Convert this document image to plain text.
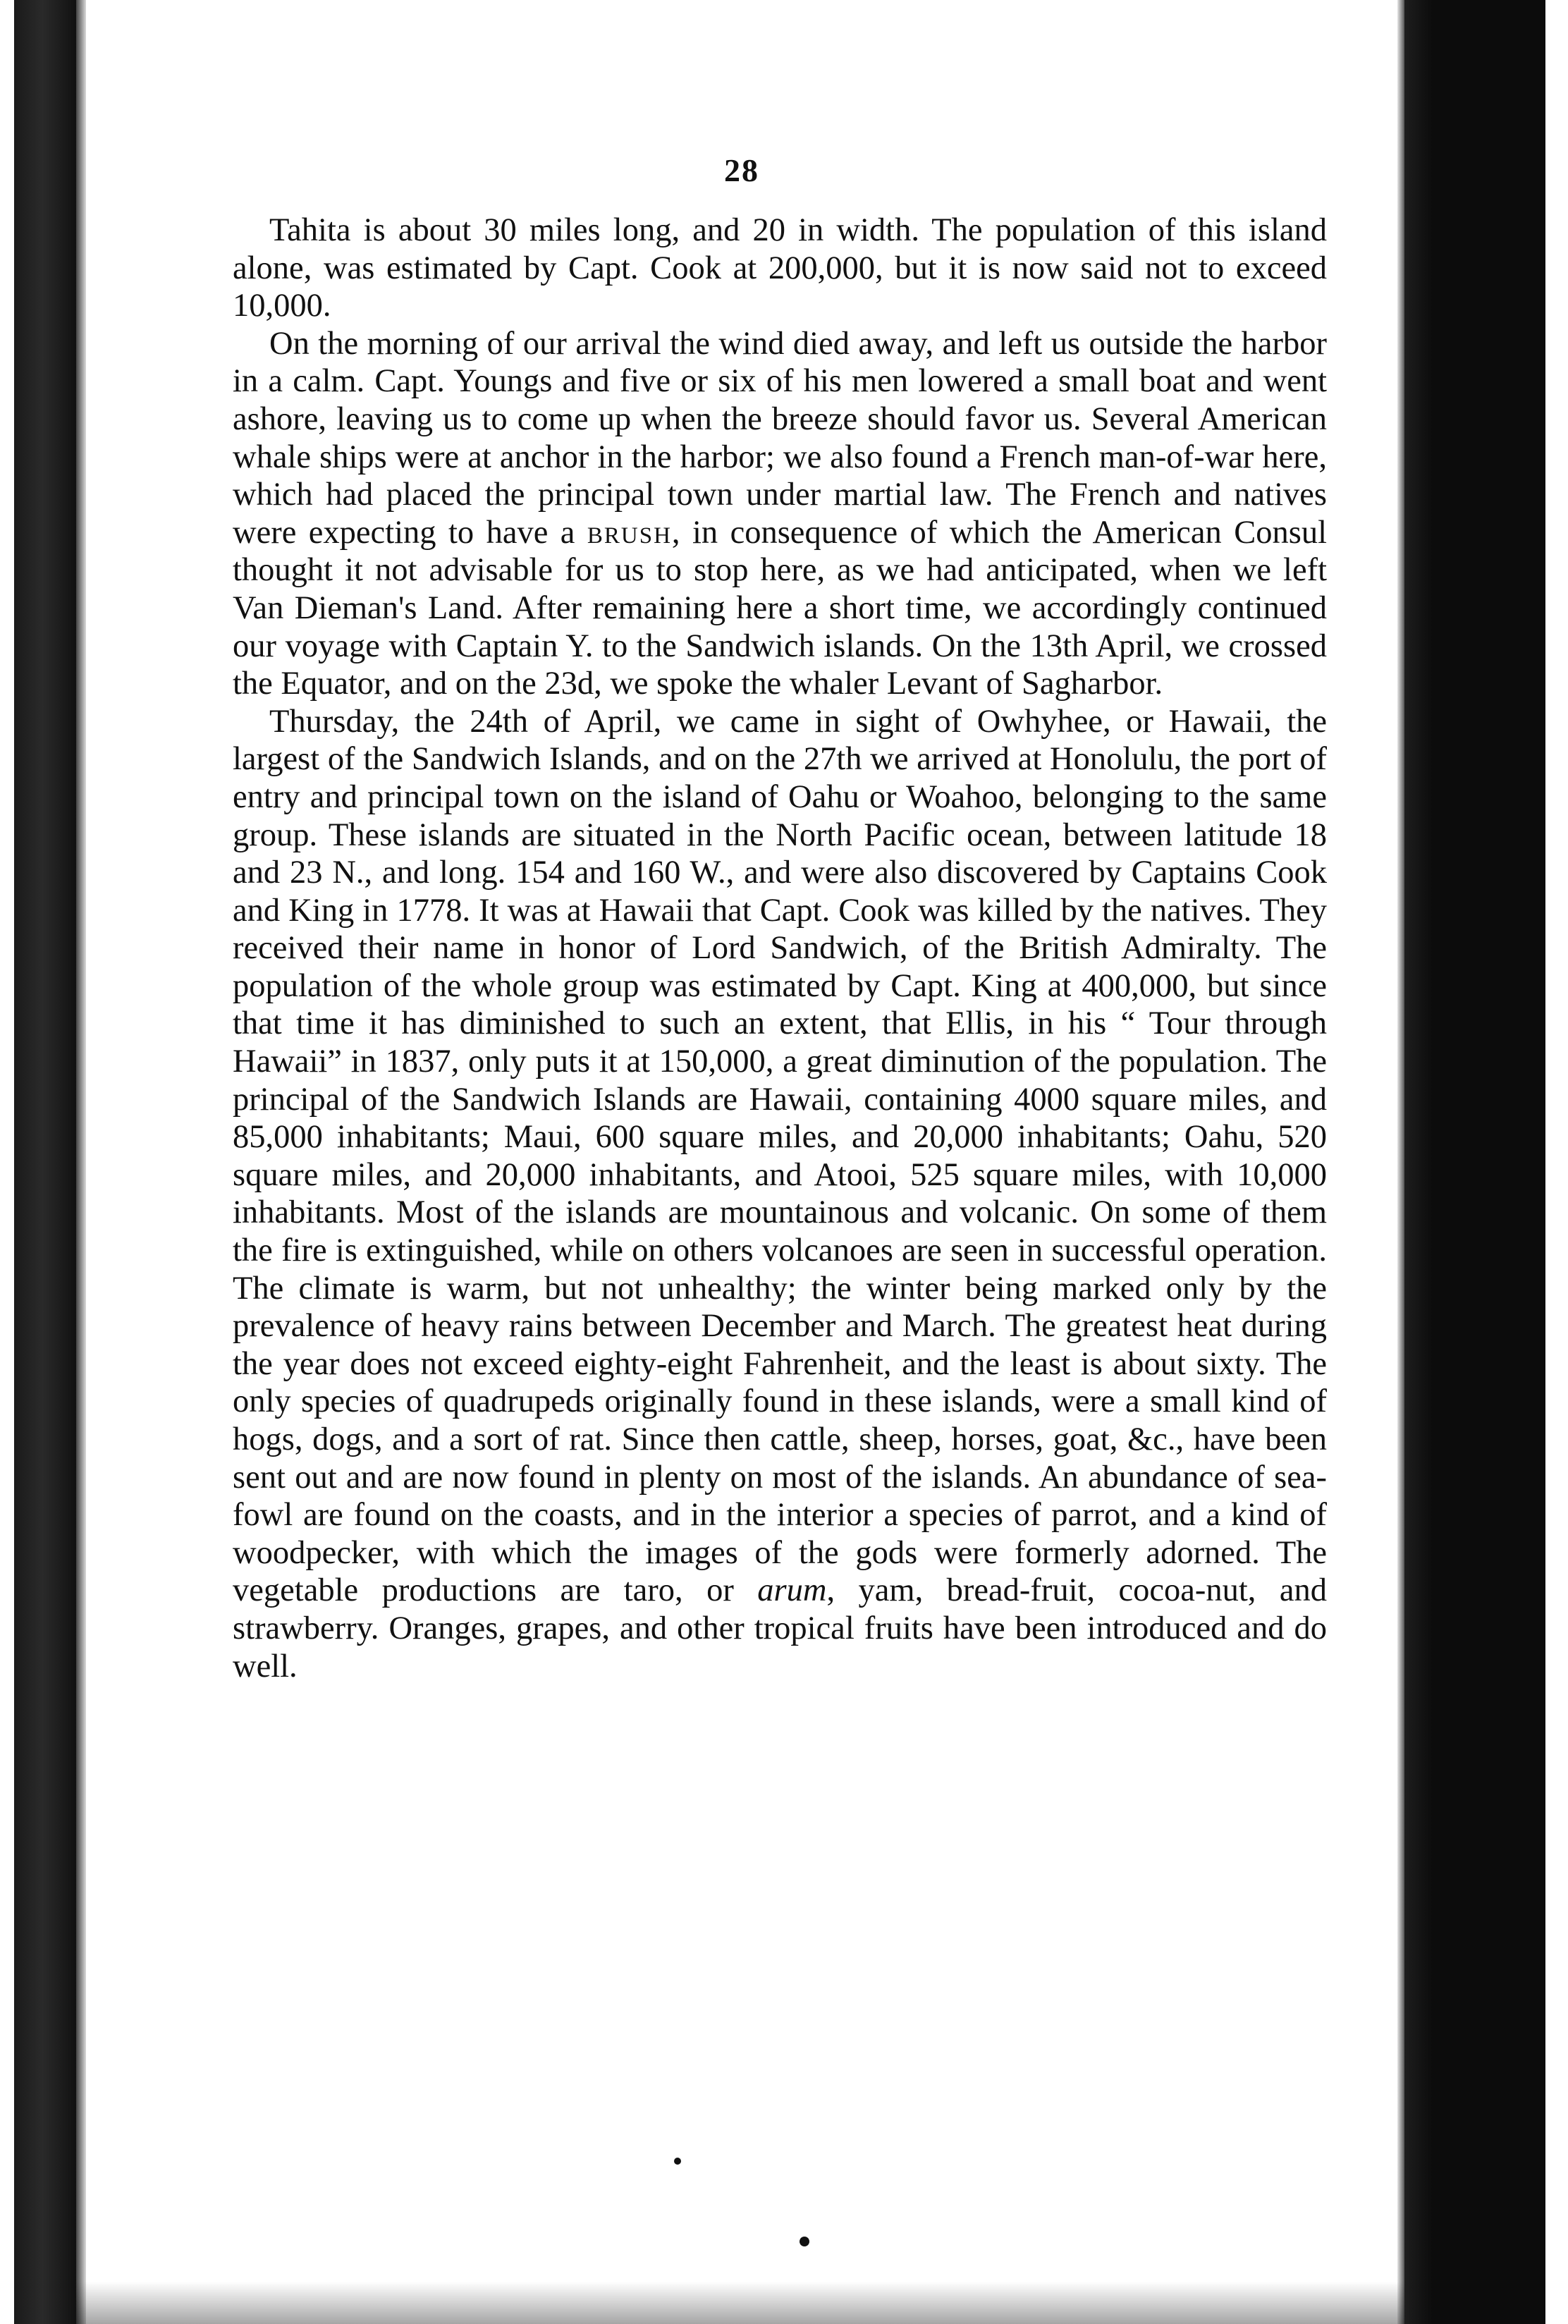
28

Tahita is about 30 miles long, and 20 in width. The population of this island alone, was estimated by Capt. Cook at 200,000, but it is now said not to exceed 10,000.

On the morning of our arrival the wind died away, and left us outside the harbor in a calm. Capt. Youngs and five or six of his men lowered a small boat and went ashore, leaving us to come up when the breeze should favor us. Several American whale ships were at anchor in the harbor; we also found a French man-of-war here, which had placed the principal town under martial law. The French and natives were expecting to have a brush, in consequence of which the American Consul thought it not advisable for us to stop here, as we had anticipated, when we left Van Dieman's Land. After remaining here a short time, we accordingly continued our voyage with Captain Y. to the Sandwich islands. On the 13th April, we crossed the Equator, and on the 23d, we spoke the whaler Levant of Sagharbor.

Thursday, the 24th of April, we came in sight of Owhyhee, or Hawaii, the largest of the Sandwich Islands, and on the 27th we arrived at Honolulu, the port of entry and principal town on the island of Oahu or Woahoo, belonging to the same group. These islands are situated in the North Pacific ocean, between latitude 18 and 23 N., and long. 154 and 160 W., and were also discovered by Captains Cook and King in 1778. It was at Hawaii that Capt. Cook was killed by the natives. They received their name in honor of Lord Sandwich, of the British Admiralty. The population of the whole group was estimated by Capt. King at 400,000, but since that time it has diminished to such an extent, that Ellis, in his “ Tour through Hawaii” in 1837, only puts it at 150,000, a great diminution of the population. The principal of the Sandwich Islands are Hawaii, containing 4000 square miles, and 85,000 inhabitants; Maui, 600 square miles, and 20,000 inhabitants; Oahu, 520 square miles, and 20,000 inhabitants, and Atooi, 525 square miles, with 10,000 inhabitants. Most of the islands are mountainous and volcanic. On some of them the fire is extinguished, while on others volcanoes are seen in successful operation. The climate is warm, but not unhealthy; the winter being marked only by the prevalence of heavy rains between December and March. The greatest heat during the year does not exceed eighty-eight Fahrenheit, and the least is about sixty. The only species of quadrupeds originally found in these islands, were a small kind of hogs, dogs, and a sort of rat. Since then cattle, sheep, horses, goat, &c., have been sent out and are now found in plenty on most of the islands. An abundance of sea-fowl are found on the coasts, and in the interior a species of parrot, and a kind of woodpecker, with which the images of the gods were formerly adorned. The vegetable productions are taro, or arum, yam, bread-fruit, cocoa-nut, and strawberry. Oranges, grapes, and other tropical fruits have been introduced and do well.
